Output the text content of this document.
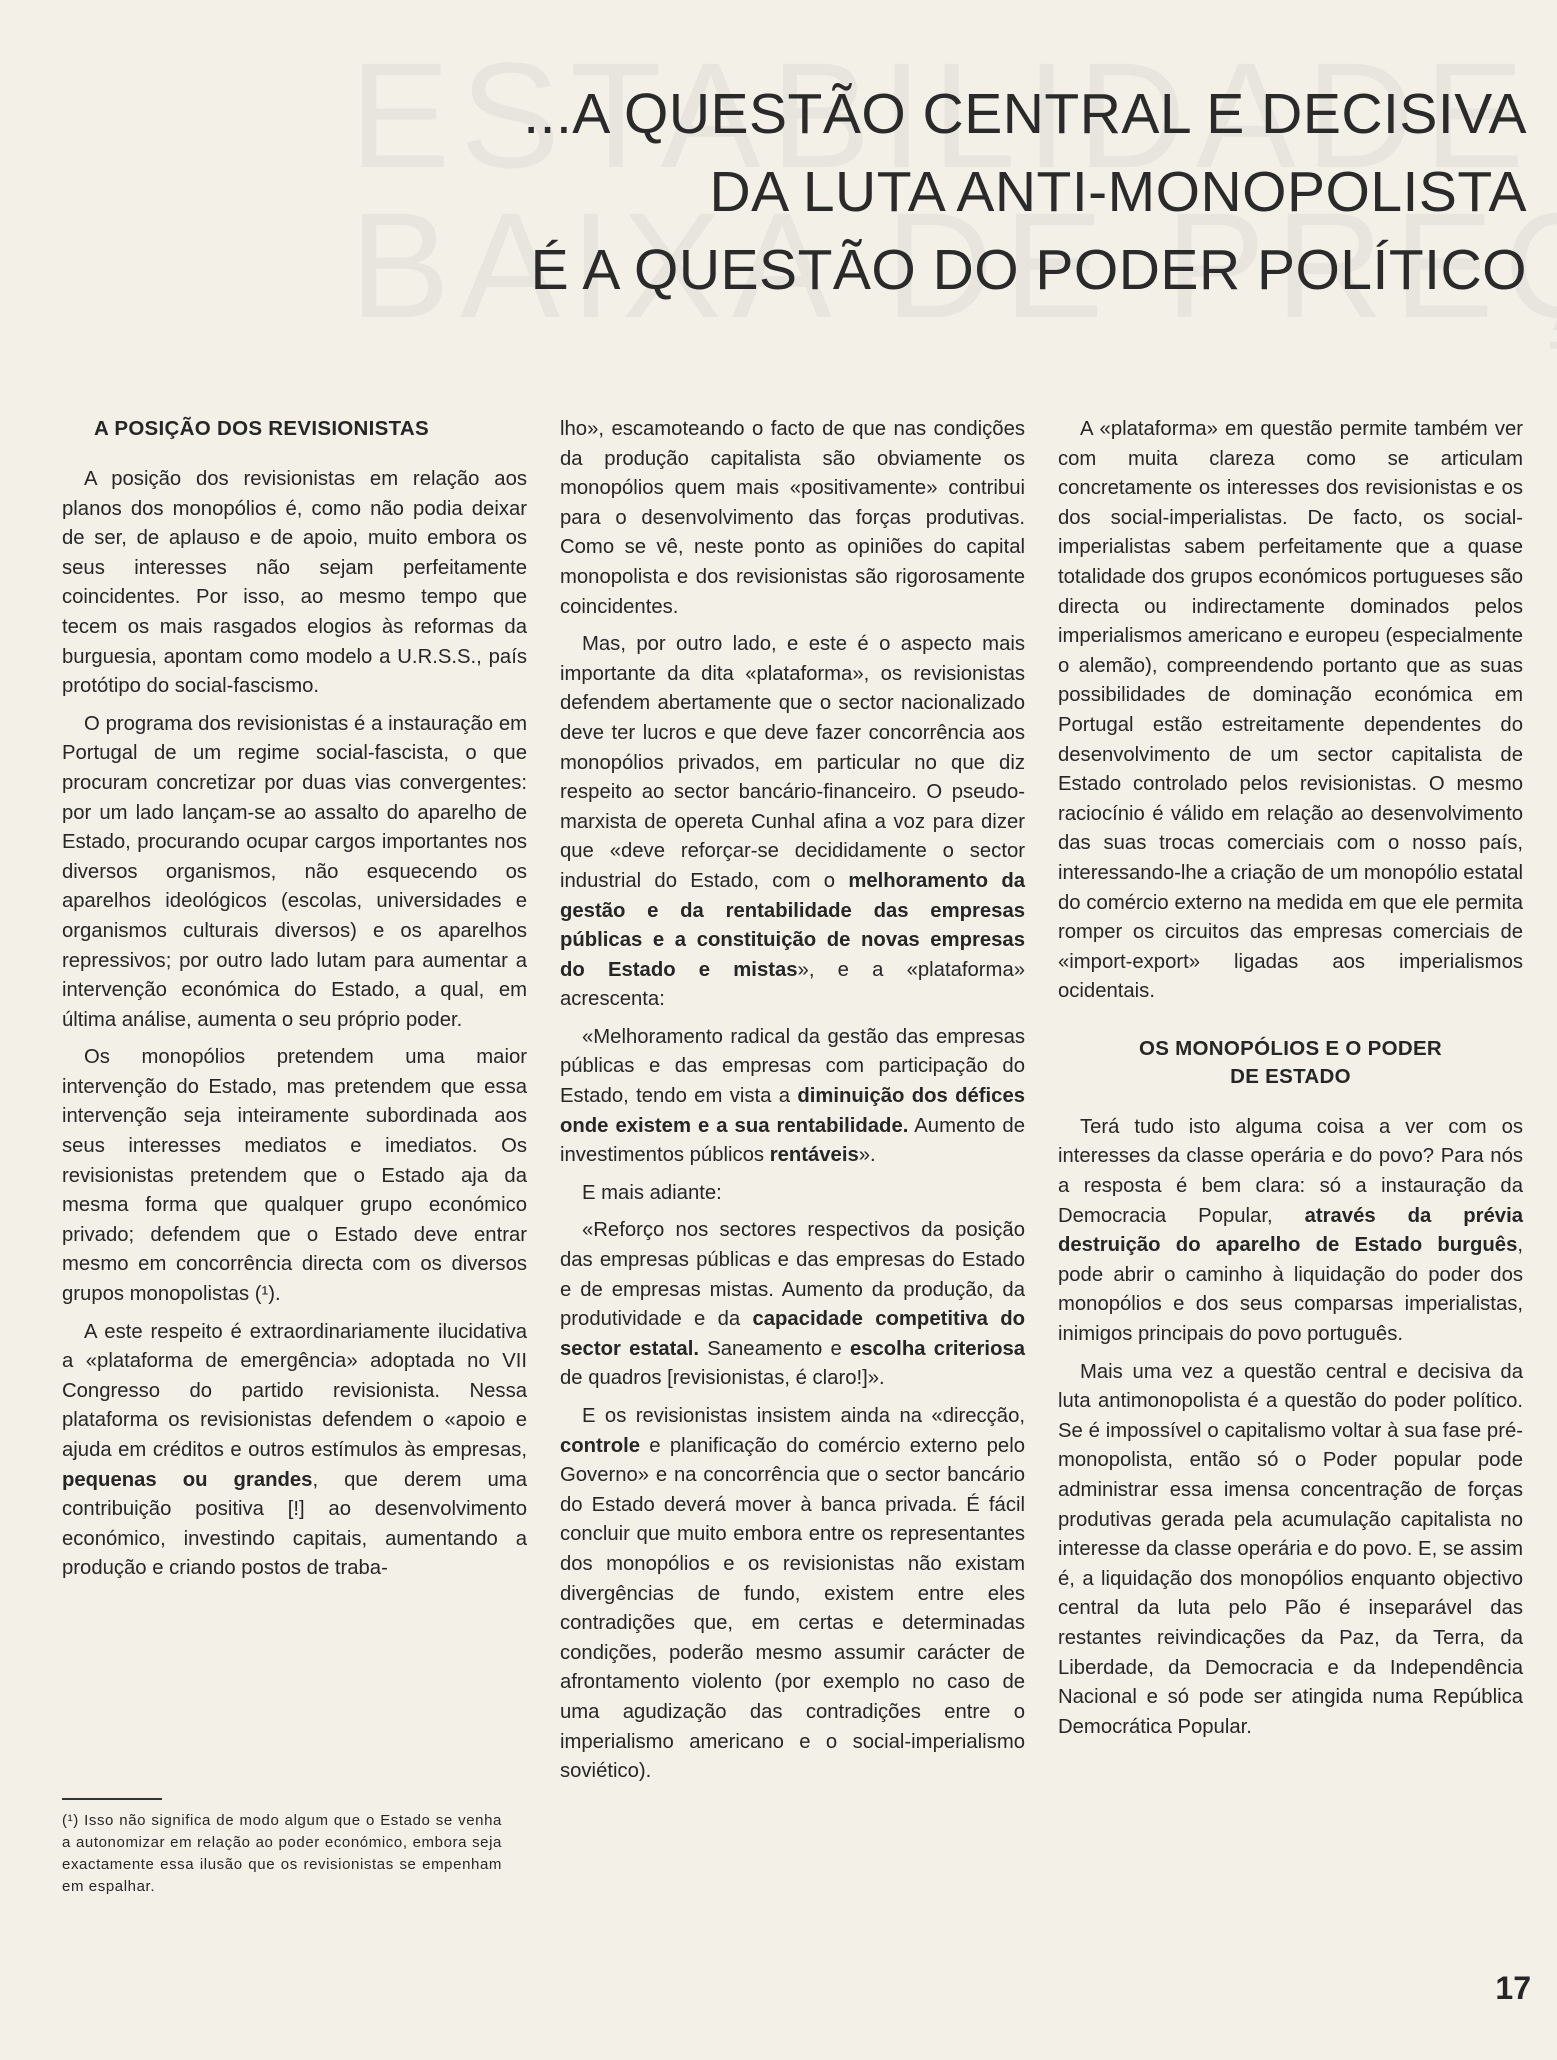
...A QUESTÃO CENTRAL E DECISIVA
DA LUTA ANTI-MONOPOLISTA
É A QUESTÃO DO PODER POLÍTICO
A POSIÇÃO DOS REVISIONISTAS

A posição dos revisionistas em relação aos planos dos monopólios é, como não podia deixar de ser, de aplauso e de apoio, muito embora os seus interesses não sejam perfeitamente coincidentes. Por isso, ao mesmo tempo que tecem os mais rasgados elogios às reformas da burguesia, apontam como modelo a U.R.S.S., país protótipo do social-fascismo.

O programa dos revisionistas é a instauração em Portugal de um regime social-fascista, o que procuram concretizar por duas vias convergentes: por um lado lançam-se ao assalto do aparelho de Estado, procurando ocupar cargos importantes nos diversos organismos, não esquecendo os aparelhos ideológicos (escolas, universidades e organismos culturais diversos) e os aparelhos repressivos; por outro lado lutam para aumentar a intervenção económica do Estado, a qual, em última análise, aumenta o seu próprio poder.

Os monopólios pretendem uma maior intervenção do Estado, mas pretendem que essa intervenção seja inteiramente subordinada aos seus interesses mediatos e imediatos. Os revisionistas pretendem que o Estado aja da mesma forma que qualquer grupo económico privado; defendem que o Estado deve entrar mesmo em concorrência directa com os diversos grupos monopolistas (¹).

A este respeito é extraordinariamente ilucidativa a «plataforma de emergência» adoptada no VII Congresso do partido revisionista. Nessa plataforma os revisionistas defendem o «apoio e ajuda em créditos e outros estímulos às empresas, pequenas ou grandes, que derem uma contribuição positiva [!] ao desenvolvimento económico, investindo capitais, aumentando a produção e criando postos de traba-

(¹) Isso não significa de modo algum que o Estado se venha a autonomizar em relação ao poder económico, embora seja exactamente essa ilusão que os revisionistas se empenham em espalhar.

lho», escamoteando o facto de que nas condições da produção capitalista são obviamente os monopólios quem mais «positivamente» contribui para o desenvolvimento das forças produtivas. Como se vê, neste ponto as opiniões do capital monopolista e dos revisionistas são rigorosamente coincidentes.

Mas, por outro lado, e este é o aspecto mais importante da dita «plataforma», os revisionistas defendem abertamente que o sector nacionalizado deve ter lucros e que deve fazer concorrência aos monopólios privados, em particular no que diz respeito ao sector bancário-financeiro. O pseudo-marxista de opereta Cunhal afina a voz para dizer que «deve reforçar-se decididamente o sector industrial do Estado, com o melhoramento da gestão e da rentabilidade das empresas públicas e a constituição de novas empresas do Estado e mistas», e a «plataforma» acrescenta:

«Melhoramento radical da gestão das empresas públicas e das empresas com participação do Estado, tendo em vista a diminuição dos défices onde existem e a sua rentabilidade. Aumento de investimentos públicos rentáveis».

E mais adiante:

«Reforço nos sectores respectivos da posição das empresas públicas e das empresas do Estado e de empresas mistas. Aumento da produção, da produtividade e da capacidade competitiva do sector estatal. Saneamento e escolha criteriosa de quadros [revisionistas, é claro!]».

E os revisionistas insistem ainda na «direcção, controle e planificação do comércio externo pelo Governo» e na concorrência que o sector bancário do Estado deverá mover à banca privada. É fácil concluir que muito embora entre os representantes dos monopólios e os revisionistas não existam divergências de fundo, existem entre eles contradições que, em certas e determinadas condições, poderão mesmo assumir carácter de afrontamento violento (por exemplo no caso de uma agudização das contradições entre o imperialismo americano e o social-imperialismo soviético).

A «plataforma» em questão permite também ver com muita clareza como se articulam concretamente os interesses dos revisionistas e os dos social-imperialistas. De facto, os social-imperialistas sabem perfeitamente que a quase totalidade dos grupos económicos portugueses são directa ou indirectamente dominados pelos imperialismos americano e europeu (especialmente o alemão), compreendendo portanto que as suas possibilidades de dominação económica em Portugal estão estreitamente dependentes do desenvolvimento de um sector capitalista de Estado controlado pelos revisionistas. O mesmo raciocínio é válido em relação ao desenvolvimento das suas trocas comerciais com o nosso país, interessando-lhe a criação de um monopólio estatal do comércio externo na medida em que ele permita romper os circuitos das empresas comerciais de «import-export» ligadas aos imperialismos ocidentais.

OS MONOPÓLIOS E O PODER
DE ESTADO

Terá tudo isto alguma coisa a ver com os interesses da classe operária e do povo? Para nós a resposta é bem clara: só a instauração da Democracia Popular, através da prévia destruição do aparelho de Estado burguês, pode abrir o caminho à liquidação do poder dos monopólios e dos seus comparsas imperialistas, inimigos principais do povo português.

Mais uma vez a questão central e decisiva da luta antimonopolista é a questão do poder político. Se é impossível o capitalismo voltar à sua fase pré-monopolista, então só o Poder popular pode administrar essa imensa concentração de forças produtivas gerada pela acumulação capitalista no interesse da classe operária e do povo. E, se assim é, a liquidação dos monopólios enquanto objectivo central da luta pelo Pão é inseparável das restantes reivindicações da Paz, da Terra, da Liberdade, da Democracia e da Independência Nacional e só pode ser atingida numa República Democrática Popular.

17
